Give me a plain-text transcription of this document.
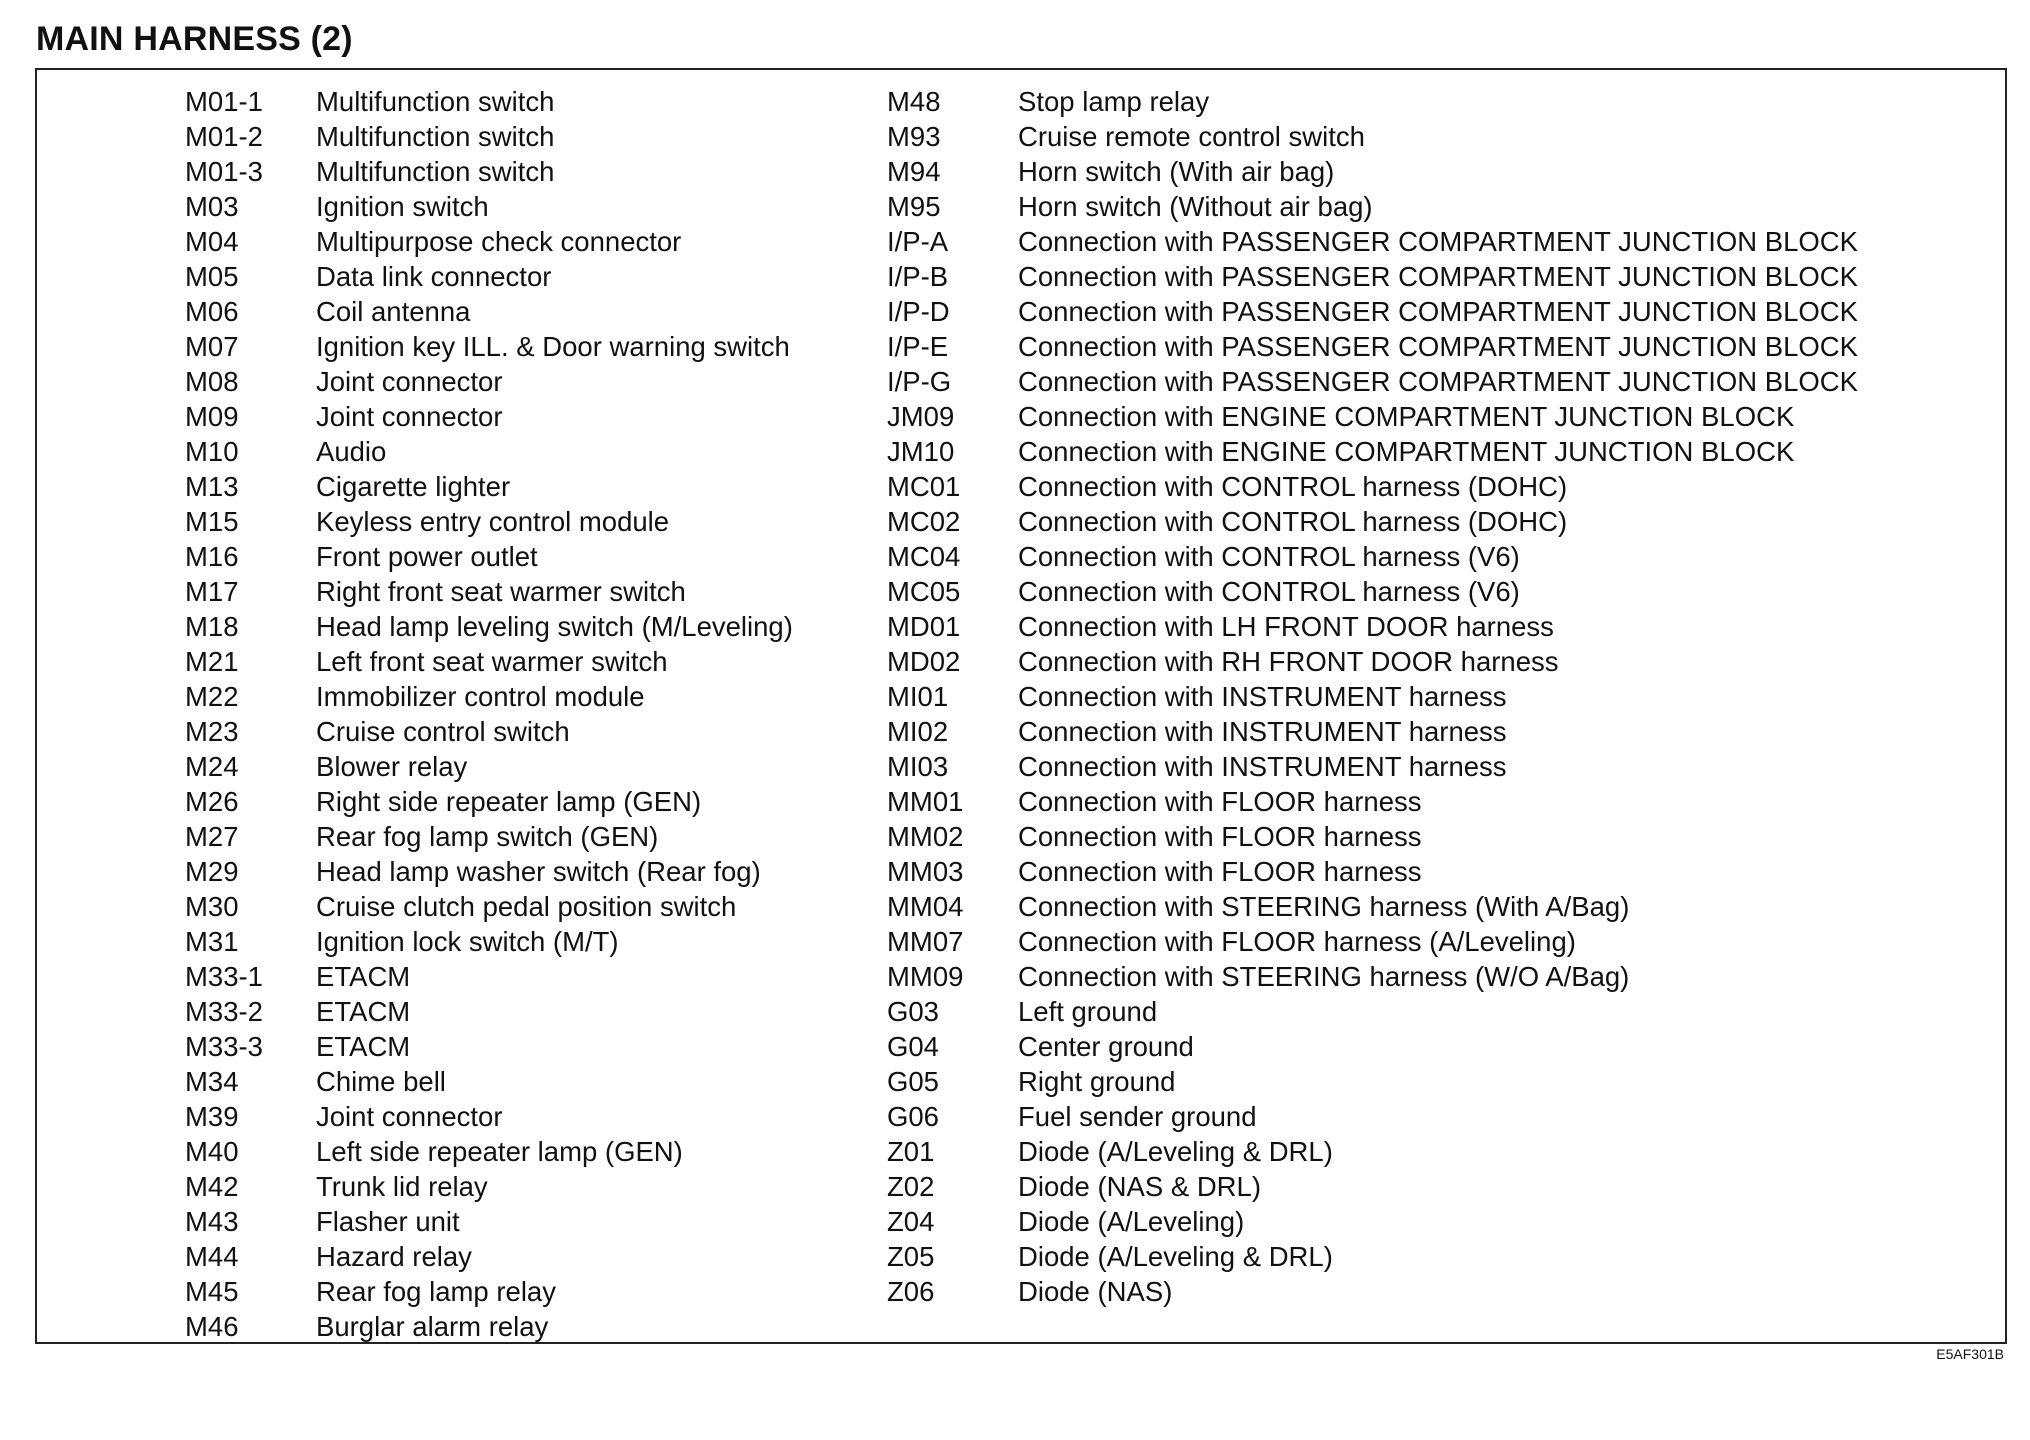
MAIN HARNESS (2)
M01-1	Multifunction switch
M01-2	Multifunction switch
M01-3	Multifunction switch
M03	Ignition switch
M04	Multipurpose check connector
M05	Data link connector
M06	Coil antenna
M07	Ignition key ILL. & Door warning switch
M08	Joint connector
M09	Joint connector
M10	Audio
M13	Cigarette lighter
M15	Keyless entry control module
M16	Front power outlet
M17	Right front seat warmer switch
M18	Head lamp leveling switch (M/Leveling)
M21	Left front seat warmer switch
M22	Immobilizer control module
M23	Cruise control switch
M24	Blower relay
M26	Right side repeater lamp (GEN)
M27	Rear fog lamp switch (GEN)
M29	Head lamp washer switch (Rear fog)
M30	Cruise clutch pedal position switch
M31	Ignition lock switch (M/T)
M33-1	ETACM
M33-2	ETACM
M33-3	ETACM
M34	Chime bell
M39	Joint connector
M40	Left side repeater lamp (GEN)
M42	Trunk lid relay
M43	Flasher unit
M44	Hazard relay
M45	Rear fog lamp relay
M46	Burglar alarm relay
M48	Stop lamp relay
M93	Cruise remote control switch
M94	Horn switch (With air bag)
M95	Horn switch (Without air bag)
I/P-A	Connection with PASSENGER COMPARTMENT JUNCTION BLOCK
I/P-B	Connection with PASSENGER COMPARTMENT JUNCTION BLOCK
I/P-D	Connection with PASSENGER COMPARTMENT JUNCTION BLOCK
I/P-E	Connection with PASSENGER COMPARTMENT JUNCTION BLOCK
I/P-G	Connection with PASSENGER COMPARTMENT JUNCTION BLOCK
JM09	Connection with ENGINE COMPARTMENT JUNCTION BLOCK
JM10	Connection with ENGINE COMPARTMENT JUNCTION BLOCK
MC01	Connection with CONTROL harness (DOHC)
MC02	Connection with CONTROL harness (DOHC)
MC04	Connection with CONTROL harness (V6)
MC05	Connection with CONTROL harness (V6)
MD01	Connection with LH FRONT DOOR harness
MD02	Connection with RH FRONT DOOR harness
MI01	Connection with INSTRUMENT harness
MI02	Connection with INSTRUMENT harness
MI03	Connection with INSTRUMENT harness
MM01	Connection with FLOOR harness
MM02	Connection with FLOOR harness
MM03	Connection with FLOOR harness
MM04	Connection with STEERING harness (With A/Bag)
MM07	Connection with FLOOR harness (A/Leveling)
MM09	Connection with STEERING harness (W/O A/Bag)
G03	Left ground
G04	Center ground
G05	Right ground
G06	Fuel sender ground
Z01	Diode (A/Leveling & DRL)
Z02	Diode (NAS & DRL)
Z04	Diode (A/Leveling)
Z05	Diode (A/Leveling & DRL)
Z06	Diode (NAS)
E5AF301B
